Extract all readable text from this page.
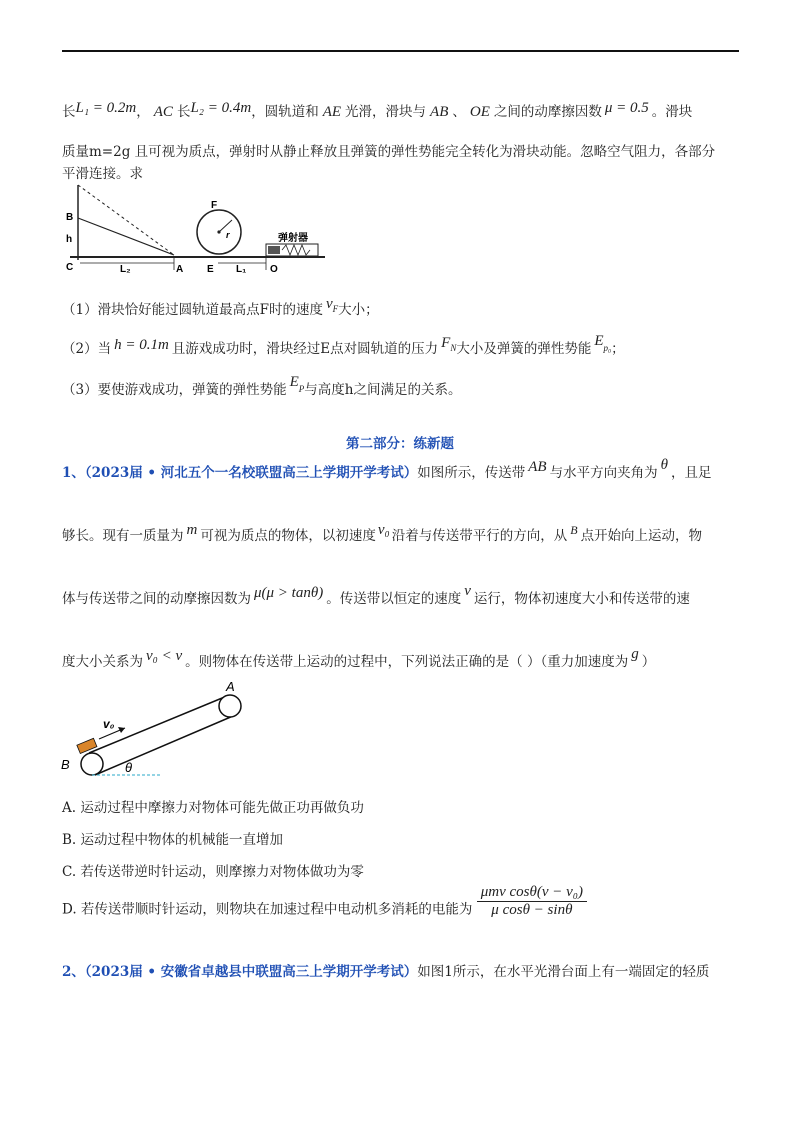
长L₁ = 0.2m， AC 长L₂ = 0.4m，圆轨道和 AE 光滑，滑块与 AB 、 OE 之间的动摩擦因数 μ = 0.5 。滑块
质量m=2g 且可视为质点，弹射时从静止释放且弹簧的弹性势能完全转化为滑块动能。忽略空气阻力，各部分
平滑连接。求
B
h
C	L₂	A
F
r
E L₁ O
弹射器
（1）滑块恰好能过圆轨道最高点F时的速度 $v_F$大小；
（2）当 h = 0.1m 且游戏成功时，滑块经过E点对圆轨道的压力 $F_N$大小及弹簧的弹性势能 $E_{p_0}$；
（3）要使游戏成功，弹簧的弹性势能 $E_P$与高度h之间满足的关系。
第二部分：练新题
1、（2023届 • 河北五个一名校联盟高三上学期开学考试）如图所示，传送带 AB 与水平方向夹角为 θ ，且足
够长。现有一质量为 m 可视为质点的物体，以初速度 v₀ 沿着与传送带平行的方向，从 B 点开始向上运动，物
体与传送带之间的动摩擦因数为 μ(μ > tanθ) 。传送带以恒定的速度 v 运行，物体初速度大小和传送带的速
度大小关系为 v₀ < v 。则物体在传送带上运动的过程中，下列说法正确的是（ ）（重力加速度为 g ）
A
B
v₀
θ
A. 运动过程中摩擦力对物体可能先做正功再做负功
B. 运动过程中物体的机械能一直增加
C. 若传送带逆时针运动，则摩擦力对物体做功为零
D. 若传送带顺时针运动，则物块在加速过程中电动机多消耗的电能为 $\frac{\text{μmv cosθ(v − v₀)}}{\text{μ cosθ − sinθ}}$
2、（2023届 • 安徽省卓越县中联盟高三上学期开学考试）如图1所示，在水平光滑台面上有一端固定的轻质
